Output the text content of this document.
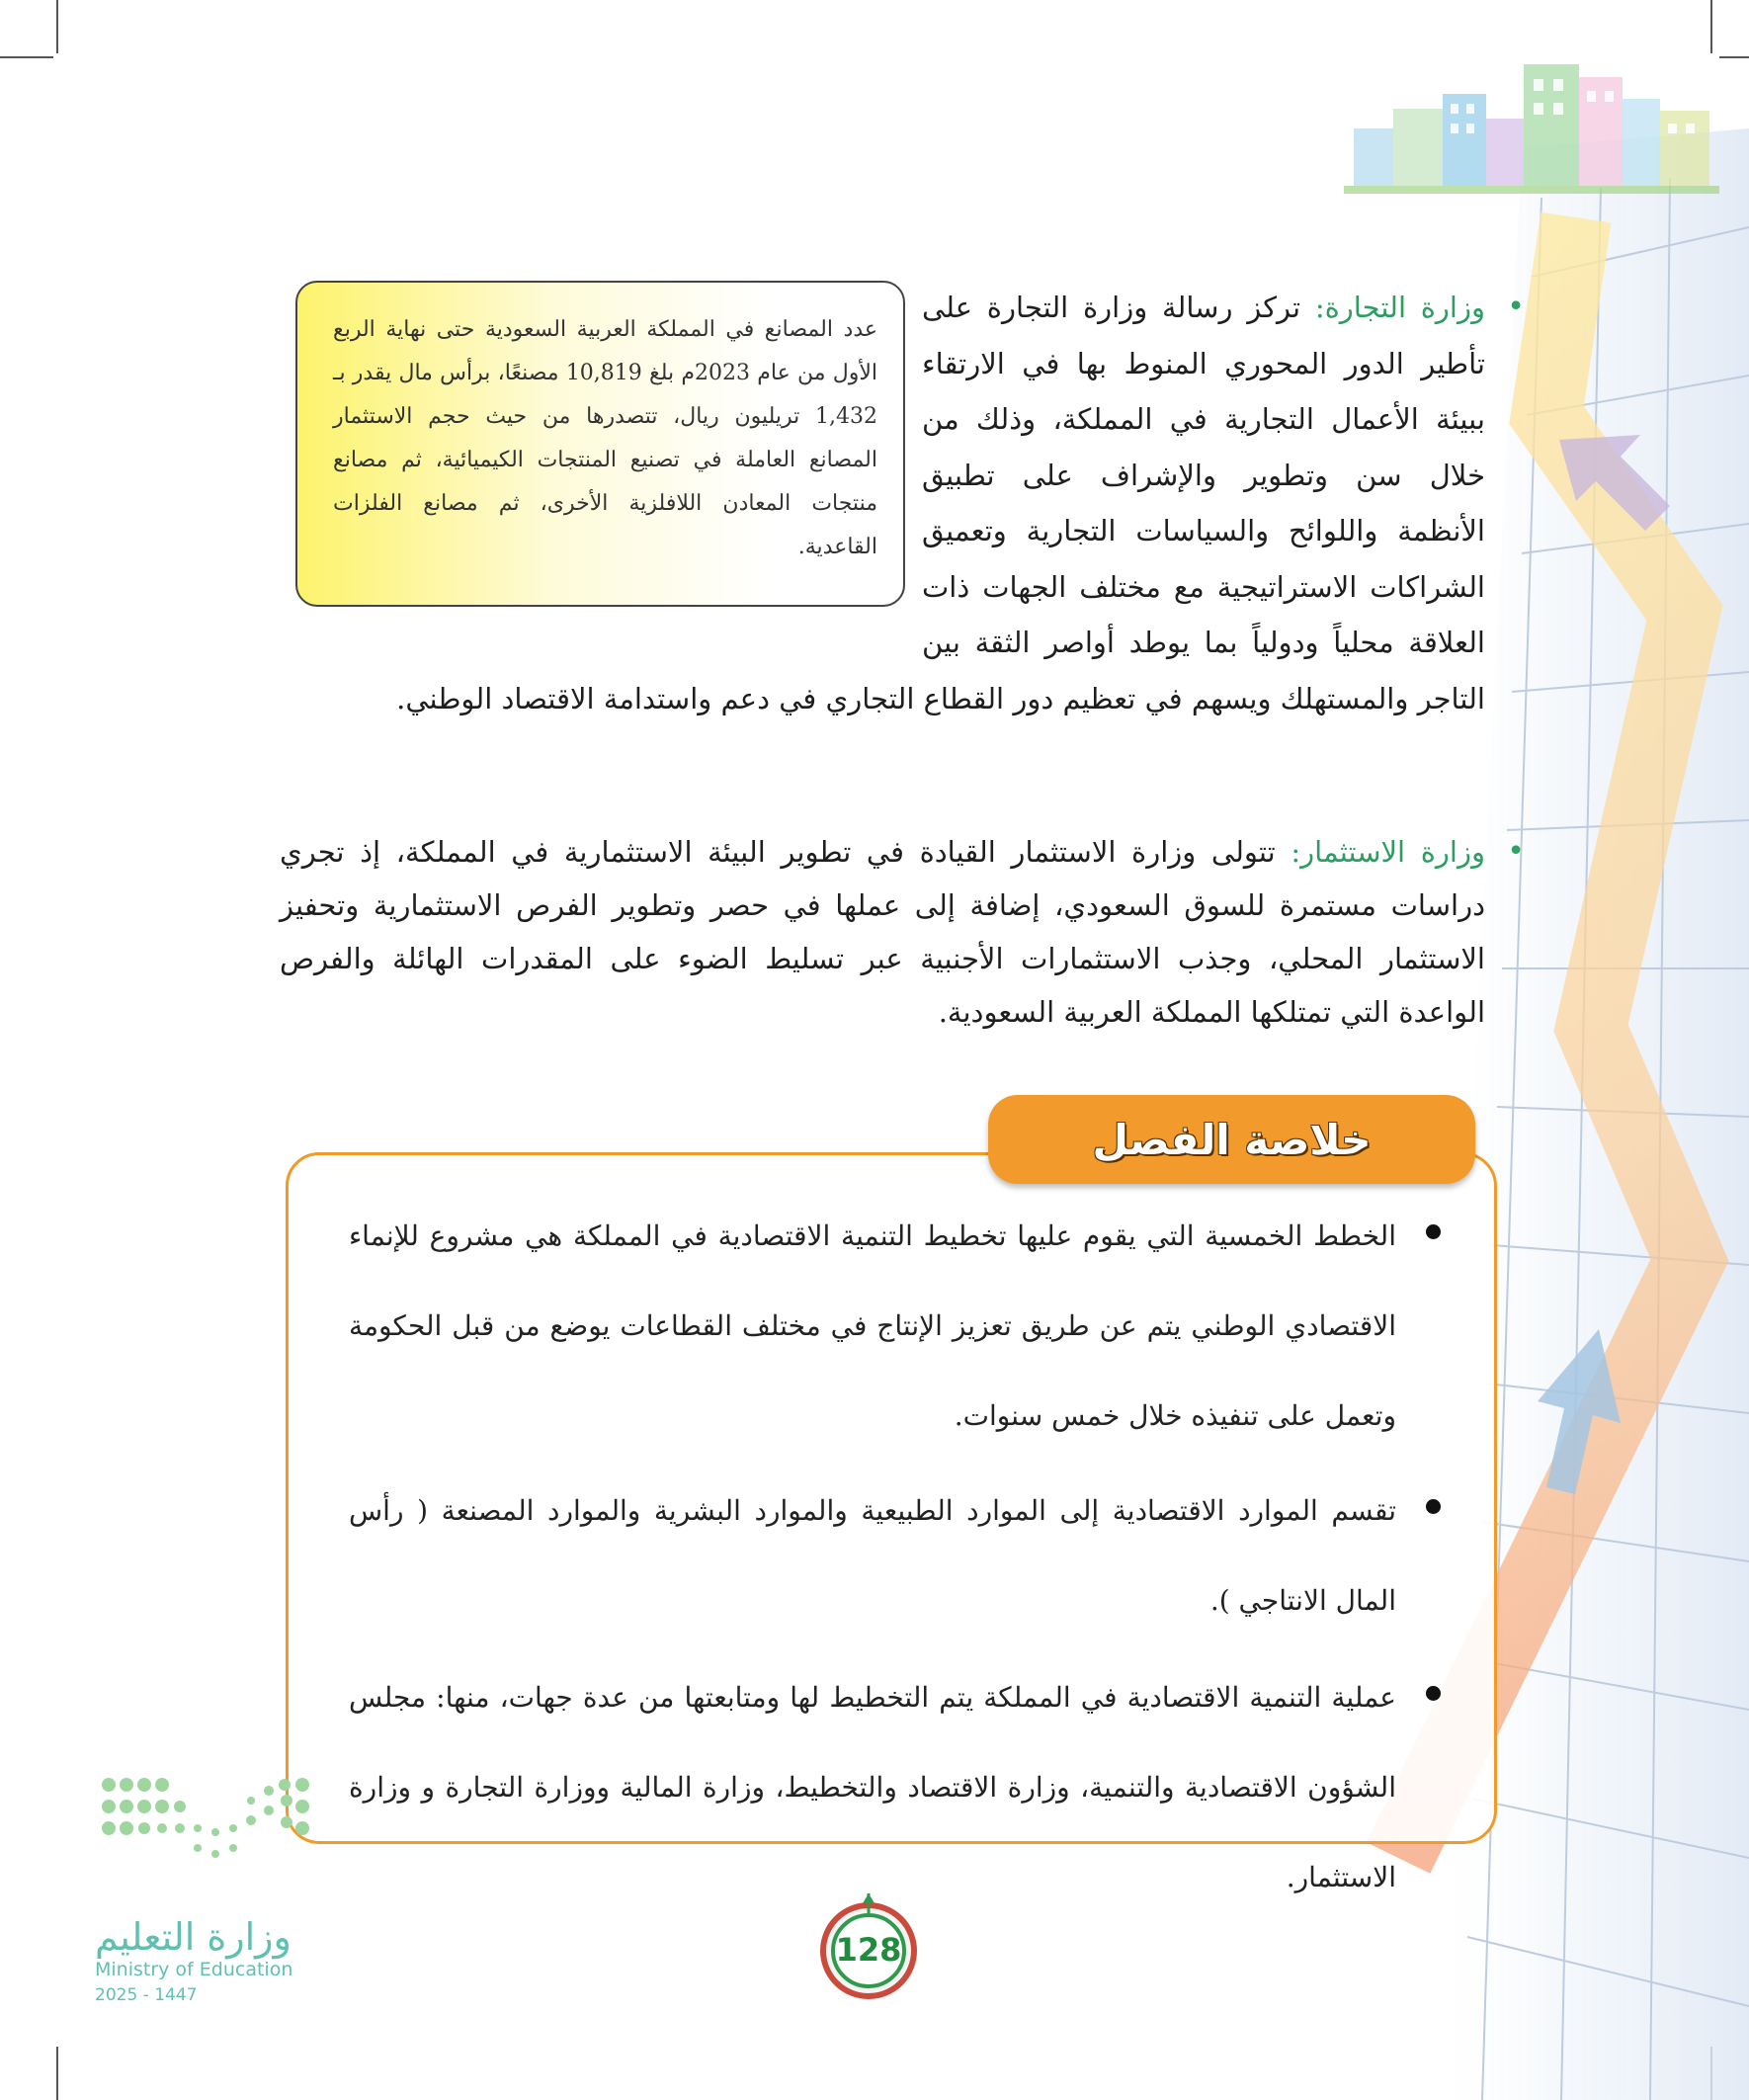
عدد المصانع في المملكة العربية السعودية حتى نهاية الربع الأول من عام 2023م بلغ 10,819 مصنعًا، برأس مال يقدر بـ 1,432 تريليون ريال، تتصدرها من حيث حجم الاستثمار المصانع العاملة في تصنيع المنتجات الكيميائية، ثم مصانع منتجات المعادن اللافلزية الأخرى، ثم مصانع الفلزات القاعدية.

•

وزارة التجارة: تركز رسالة وزارة التجارة على تأطير الدور المحوري المنوط بها في الارتقاء ببيئة الأعمال التجارية في المملكة، وذلك من خلال سن وتطوير والإشراف على تطبيق الأنظمة واللوائح والسياسات التجارية وتعميق الشراكات الاستراتيجية مع مختلف الجهات ذات العلاقة محلياً ودولياً بما يوطد أواصر الثقة بين التاجر والمستهلك ويسهم في تعظيم دور القطاع التجاري في دعم واستدامة الاقتصاد الوطني.

•

وزارة الاستثمار: تتولى وزارة الاستثمار القيادة في تطوير البيئة الاستثمارية في المملكة، إذ تجري دراسات مستمرة للسوق السعودي، إضافة إلى عملها في حصر وتطوير الفرص الاستثمارية وتحفيز الاستثمار المحلي، وجذب الاستثمارات الأجنبية عبر تسليط الضوء على المقدرات الهائلة والفرص الواعدة التي تمتلكها المملكة العربية السعودية.

خلاصة الفصل
الخطط الخمسية التي يقوم عليها تخطيط التنمية الاقتصادية في المملكة هي مشروع للإنماء الاقتصادي الوطني يتم عن طريق تعزيز الإنتاج في مختلف القطاعات يوضع من قبل الحكومة وتعمل على تنفيذه خلال خمس سنوات.
تقسم الموارد الاقتصادية إلى الموارد الطبيعية والموارد البشرية والموارد المصنعة ( رأس المال الانتاجي ).
عملية التنمية الاقتصادية في المملكة يتم التخطيط لها ومتابعتها من عدة جهات، منها: مجلس الشؤون الاقتصادية والتنمية، وزارة الاقتصاد والتخطيط، وزارة المالية ووزارة التجارة و وزارة الاستثمار.
وزارة التعليم
Ministry of Education
2025 - 1447
128
